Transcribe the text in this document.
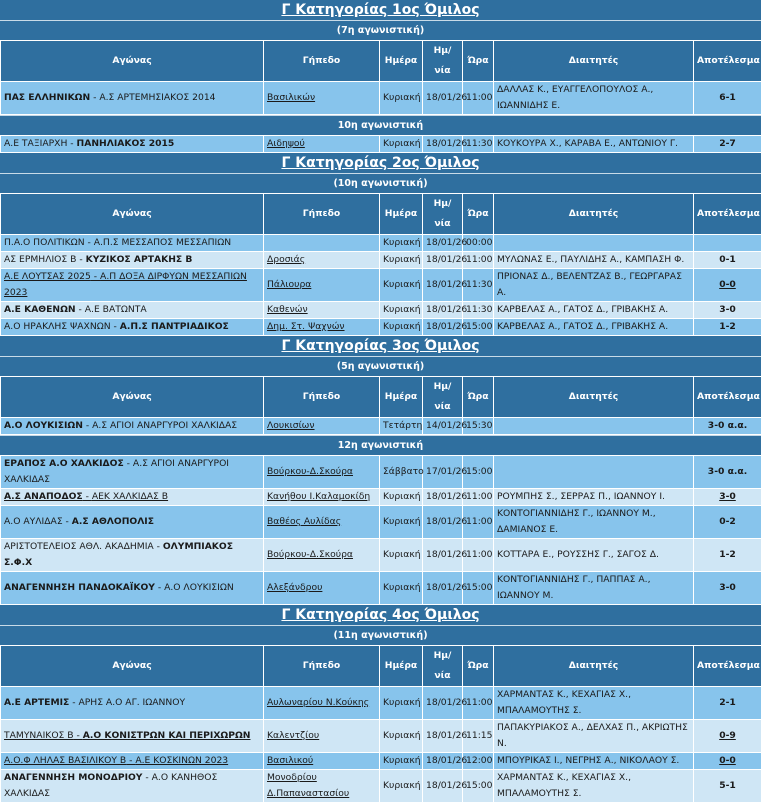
Γ Κατηγορίας 1ος Όμιλος
(7η αγωνιστική)
Αγώνας	Γήπεδο	Ημέρα	Ημ/νία	Ώρα	Διαιτητές	Αποτέλεσμα
ΠΑΣ ΕΛΛΗΝΙΚΩΝ - Α.Σ ΑΡΤΕΜΗΣΙΑΚΟΣ 2014	Βασιλικών	Κυριακή	18/01/26	11:00	ΔΑΛΛΑΣ Κ., ΕΥΑΓΓΕΛΟΠΟΥΛΟΣ Α., ΙΩΑΝΝΙΔΗΣ Ε.	6-1
10η αγωνιστική
Α.Ε ΤΑΞΙΑΡΧΗ - ΠΑΝΗΛΙΑΚΟΣ 2015	Αιδηψού	Κυριακή	18/01/26	11:30	ΚΟΥΚΟΥΡΑ Χ., ΚΑΡΑΒΑ Ε., ΑΝΤΩΝΙΟΥ Γ.	2-7
Γ Κατηγορίας 2ος Όμιλος
(10η αγωνιστική)
Αγώνας	Γήπεδο	Ημέρα	Ημ/νία	Ώρα	Διαιτητές	Αποτέλεσμα
Π.Α.Ο ΠΟΛΙΤΙΚΩΝ - Α.Π.Σ ΜΕΣΣΑΠΟΣ ΜΕΣΣΑΠΙΩΝ		Κυριακή	18/01/26	00:00		
ΑΣ ΕΡΜΗΛΙΟΣ Β - ΚΥΖΙΚΟΣ ΑΡΤΑΚΗΣ Β	Δροσιάς	Κυριακή	18/01/26	11:00	ΜΥΛΩΝΑΣ Ε., ΠΑΥΛΙΔΗΣ Α., ΚΑΜΠΑΣΗ Φ.	0-1
Α.Ε ΛΟΥΤΣΑΣ 2025 - Α.Π ΔΟΞΑ ΔΙΡΦΥΩΝ ΜΕΣΣΑΠΙΩΝ 2023	Πάλιουρα	Κυριακή	18/01/26	11:30	ΠΡΙΟΝΑΣ Δ., ΒΕΛΕΝΤΖΑΣ Β., ΓΕΩΡΓΑΡΑΣ Α.	0-0
Α.Ε ΚΑΘΕΝΩΝ - Α.Ε ΒΑΤΩΝΤΑ	Καθενών	Κυριακή	18/01/26	11:30	ΚΑΡΒΕΛΑΣ Α., ΓΑΤΟΣ Δ., ΓΡΙΒΑΚΗΣ Α.	3-0
Α.Ο ΗΡΑΚΛΗΣ ΨΑΧΝΩΝ - Α.Π.Σ ΠΑΝΤΡΙΑΔΙΚΟΣ	Δημ. Στ. Ψαχνών	Κυριακή	18/01/26	15:00	ΚΑΡΒΕΛΑΣ Α., ΓΑΤΟΣ Δ., ΓΡΙΒΑΚΗΣ Α.	1-2
Γ Κατηγορίας 3ος Όμιλος
(5η αγωνιστική)
Αγώνας	Γήπεδο	Ημέρα	Ημ/νία	Ώρα	Διαιτητές	Αποτέλεσμα
Α.Ο ΛΟΥΚΙΣΙΩΝ - Α.Σ ΑΓΙΟΙ ΑΝΑΡΓΥΡΟΙ ΧΑΛΚΙΔΑΣ	Λουκισίων	Τετάρτη	14/01/26	15:30		3-0 α.α.
12η αγωνιστική
ΕΡΑΠΟΣ Α.Ο ΧΑΛΚΙΔΟΣ - Α.Σ ΑΓΙΟΙ ΑΝΑΡΓΥΡΟΙ ΧΑΛΚΙΔΑΣ	Βούρκου-Δ.Σκούρα	Σάββατο	17/01/26	15:00		3-0 α.α.
Α.Σ ΑΝΑΠΟΔΟΣ - ΑΕΚ ΧΑΛΚΙΔΑΣ Β	Κανήθου Ι.Καλαμοκίδη	Κυριακή	18/01/26	11:00	ΡΟΥΜΠΗΣ Σ., ΣΕΡΡΑΣ Π., ΙΩΑΝΝΟΥ Ι.	3-0
Α.Ο ΑΥΛΙΔΑΣ - Α.Σ ΑΘΛΟΠΟΛΙΣ	Βαθέος Αυλίδας	Κυριακή	18/01/26	11:00	ΚΟΝΤΟΓΙΑΝΝΙΔΗΣ Γ., ΙΩΑΝΝΟΥ Μ., ΔΑΜΙΑΝΟΣ Ε.	0-2
ΑΡΙΣΤΟΤΕΛΕΙΟΣ ΑΘΛ. ΑΚΑΔΗΜΙΑ - ΟΛΥΜΠΙΑΚΟΣ Σ.Φ.Χ	Βούρκου-Δ.Σκούρα	Κυριακή	18/01/26	11:00	ΚΟΤΤΑΡΑ Ε., ΡΟΥΣΣΗΣ Γ., ΣΑΓΟΣ Δ.	1-2
ΑΝΑΓΕΝΝΗΣΗ ΠΑΝΔΟΚΑΪΚΟΥ - Α.Ο ΛΟΥΚΙΣΙΩΝ	Αλεξάνδρου	Κυριακή	18/01/26	15:00	ΚΟΝΤΟΓΙΑΝΝΙΔΗΣ Γ., ΠΑΠΠΑΣ Α., ΙΩΑΝΝΟΥ Μ.	3-0
Γ Κατηγορίας 4ος Όμιλος
(11η αγωνιστική)
Αγώνας	Γήπεδο	Ημέρα	Ημ/νία	Ώρα	Διαιτητές	Αποτέλεσμα
Α.Ε ΑΡΤΕΜΙΣ - ΑΡΗΣ Α.Ο ΑΓ. ΙΩΑΝΝΟΥ	Αυλωναρίου Ν.Κούκης	Κυριακή	18/01/26	11:00	ΧΑΡΜΑΝΤΑΣ Κ., ΚΕΧΑΓΙΑΣ Χ., ΜΠΑΛΑΜΟΥΤΗΣ Σ.	2-1
ΤΑΜΥΝΑΙΚΟΣ Β - Α.Ο ΚΟΝΙΣΤΡΩΝ ΚΑΙ ΠΕΡΙΧΩΡΩΝ	Καλεντζίου	Κυριακή	18/01/26	11:15	ΠΑΠΑΚΥΡΙΑΚΟΣ Α., ΔΕΛΧΑΣ Π., ΑΚΡΙΩΤΗΣ Ν.	0-9
Α.Ο.Φ ΛΗΛΑΣ ΒΑΣΙΛΙΚΟΥ Β - Α.Ε ΚΟΣΚΙΝΩΝ 2023	Βασιλικού	Κυριακή	18/01/26	12:00	ΜΠΟΥΡΙΚΑΣ Ι., ΝΕΓΡΗΣ Α., ΝΙΚΟΛΑΟΥ Σ.	0-0
ΑΝΑΓΕΝΝΗΣΗ ΜΟΝΟΔΡΙΟΥ - Α.Ο ΚΑΝΗΘΟΣ ΧΑΛΚΙΔΑΣ	Μονοδρίου Δ.Παπαναστασίου	Κυριακή	18/01/26	15:00	ΧΑΡΜΑΝΤΑΣ Κ., ΚΕΧΑΓΙΑΣ Χ., ΜΠΑΛΑΜΟΥΤΗΣ Σ.	5-1
